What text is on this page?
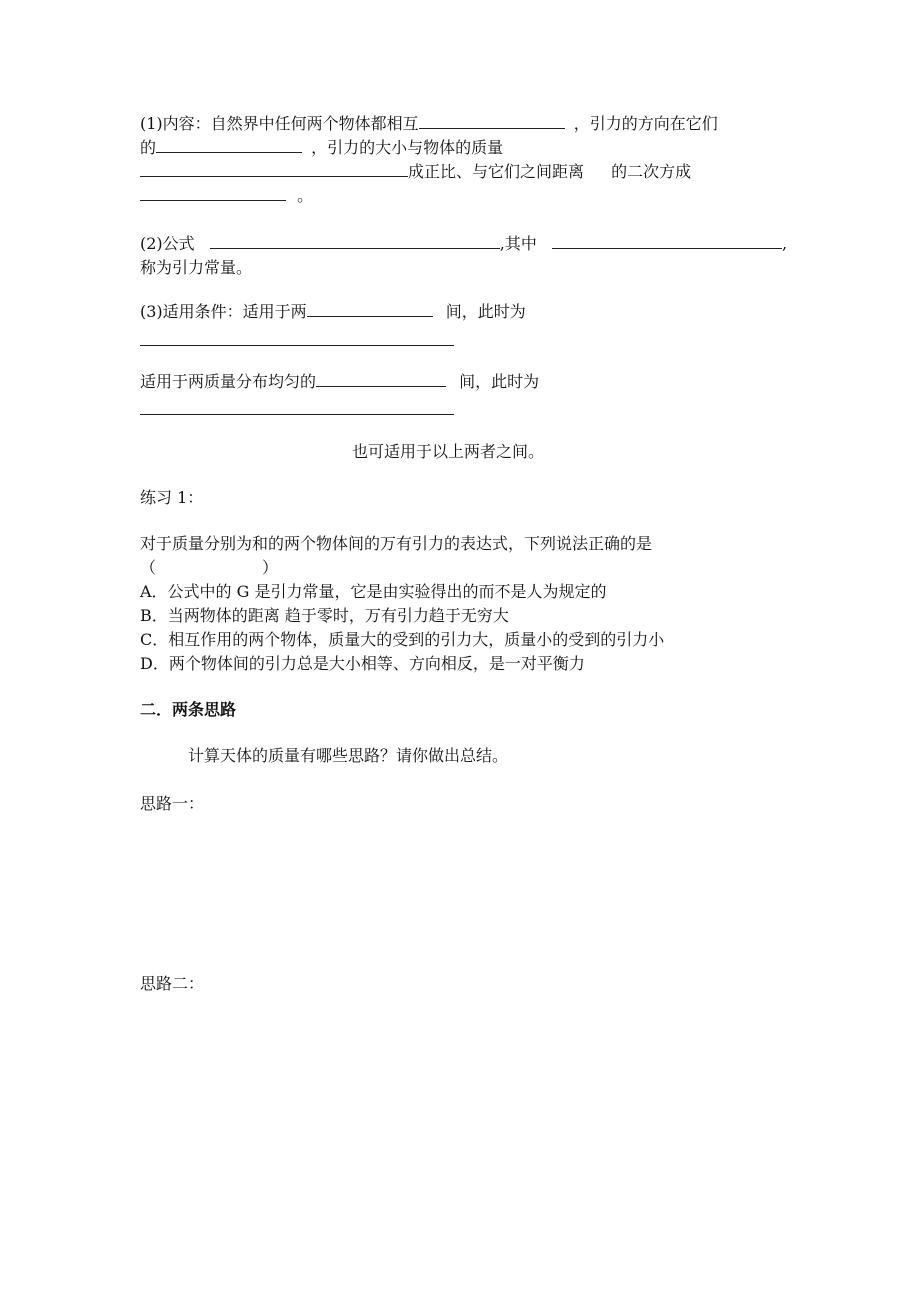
(1)内容：自然界中任何两个物体都相互	，引力的方向在它们
的	，引力的大小与物体的质量
成正比、与它们之间距离 的二次方成
。
(2)公式	,其中	,
称为引力常量。
(3)适用条件：适用于两	间，此时为
适用于两质量分布均匀的	间，此时为
也可适用于以上两者之间。
练习 1：
对于质量分别为和的两个物体间的万有引力的表达式，下列说法正确的是
（	）
A．公式中的 G 是引力常量，它是由实验得出的而不是人为规定的
B．当两物体的距离 趋于零时，万有引力趋于无穷大
C．相互作用的两个物体，质量大的受到的引力大，质量小的受到的引力小
D．两个物体间的引力总是大小相等、方向相反，是一对平衡力
二．两条思路
计算天体的质量有哪些思路？请你做出总结。
思路一：
思路二：
